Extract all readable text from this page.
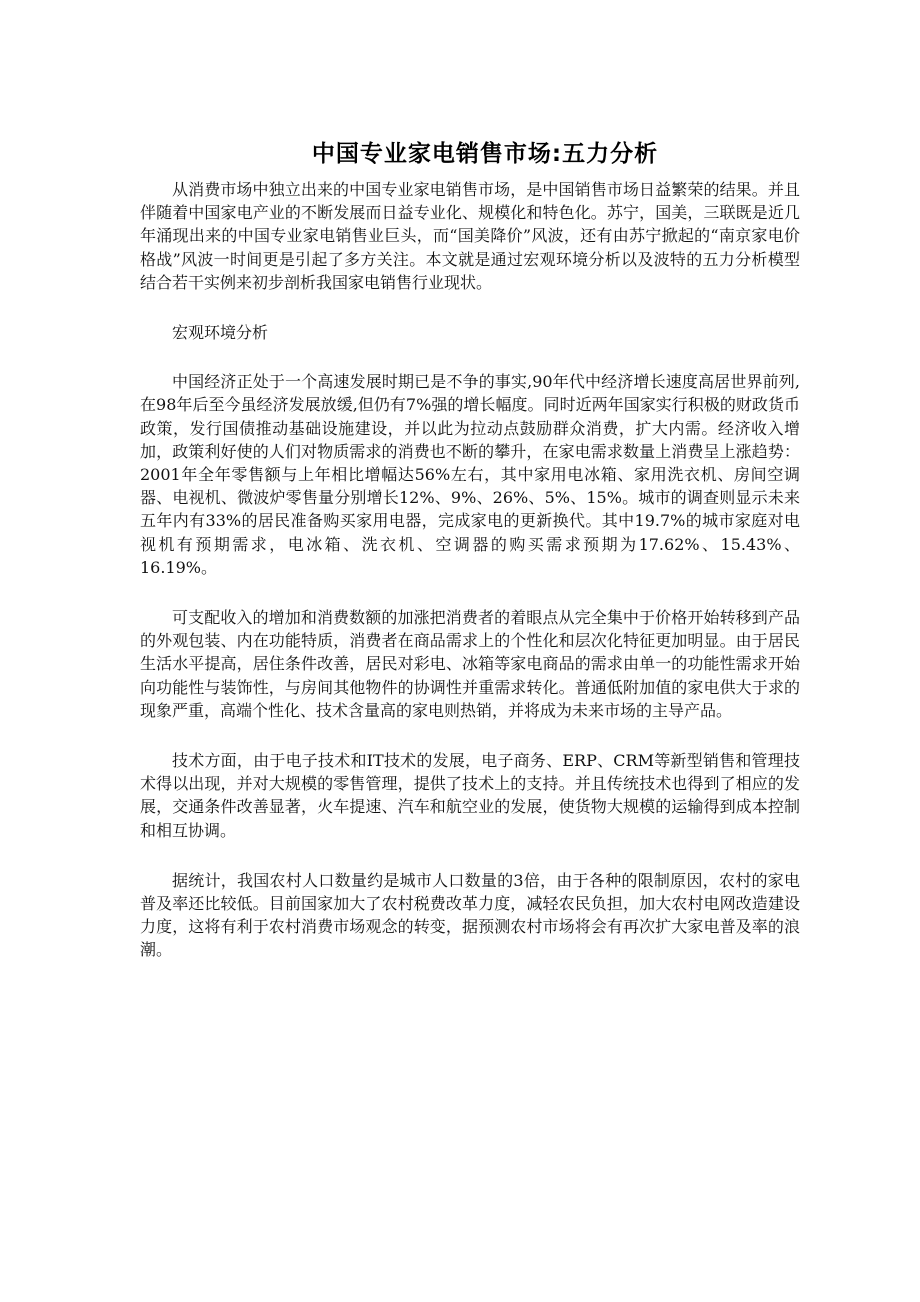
中国专业家电销售市场:五力分析

从消费市场中独立出来的中国专业家电销售市场，是中国销售市场日益繁荣的结果。并且伴随着中国家电产业的不断发展而日益专业化、规模化和特色化。苏宁，国美，三联既是近几年涌现出来的中国专业家电销售业巨头，而“国美降价”风波，还有由苏宁掀起的“南京家电价格战”风波一时间更是引起了多方关注。本文就是通过宏观环境分析以及波特的五力分析模型结合若干实例来初步剖析我国家电销售行业现状。

宏观环境分析

中国经济正处于一个高速发展时期已是不争的事实,90年代中经济增长速度高居世界前列,在98年后至今虽经济发展放缓,但仍有7%强的增长幅度。同时近两年国家实行积极的财政货币政策，发行国债推动基础设施建设，并以此为拉动点鼓励群众消费，扩大内需。经济收入增加，政策利好使的人们对物质需求的消费也不断的攀升，在家电需求数量上消费呈上涨趋势：2001年全年零售额与上年相比增幅达56%左右，其中家用电冰箱、家用洗衣机、房间空调器、电视机、微波炉零售量分别增长12%、9%、26%、5%、15%。城市的调查则显示未来五年内有33%的居民准备购买家用电器，完成家电的更新换代。其中19.7%的城市家庭对电视机有预期需求，电冰箱、洗衣机、空调器的购买需求预期为17.62%、15.43%、16.19%。

可支配收入的增加和消费数额的加涨把消费者的着眼点从完全集中于价格开始转移到产品的外观包装、内在功能特质，消费者在商品需求上的个性化和层次化特征更加明显。由于居民生活水平提高，居住条件改善，居民对彩电、冰箱等家电商品的需求由单一的功能性需求开始向功能性与装饰性，与房间其他物件的协调性并重需求转化。普通低附加值的家电供大于求的现象严重，高端个性化、技术含量高的家电则热销，并将成为未来市场的主导产品。

技术方面，由于电子技术和IT技术的发展，电子商务、ERP、CRM等新型销售和管理技术得以出现，并对大规模的零售管理，提供了技术上的支持。并且传统技术也得到了相应的发展，交通条件改善显著，火车提速、汽车和航空业的发展，使货物大规模的运输得到成本控制和相互协调。

据统计，我国农村人口数量约是城市人口数量的3倍，由于各种的限制原因，农村的家电普及率还比较低。目前国家加大了农村税费改革力度，减轻农民负担，加大农村电网改造建设力度，这将有利于农村消费市场观念的转变，据预测农村市场将会有再次扩大家电普及率的浪潮。
